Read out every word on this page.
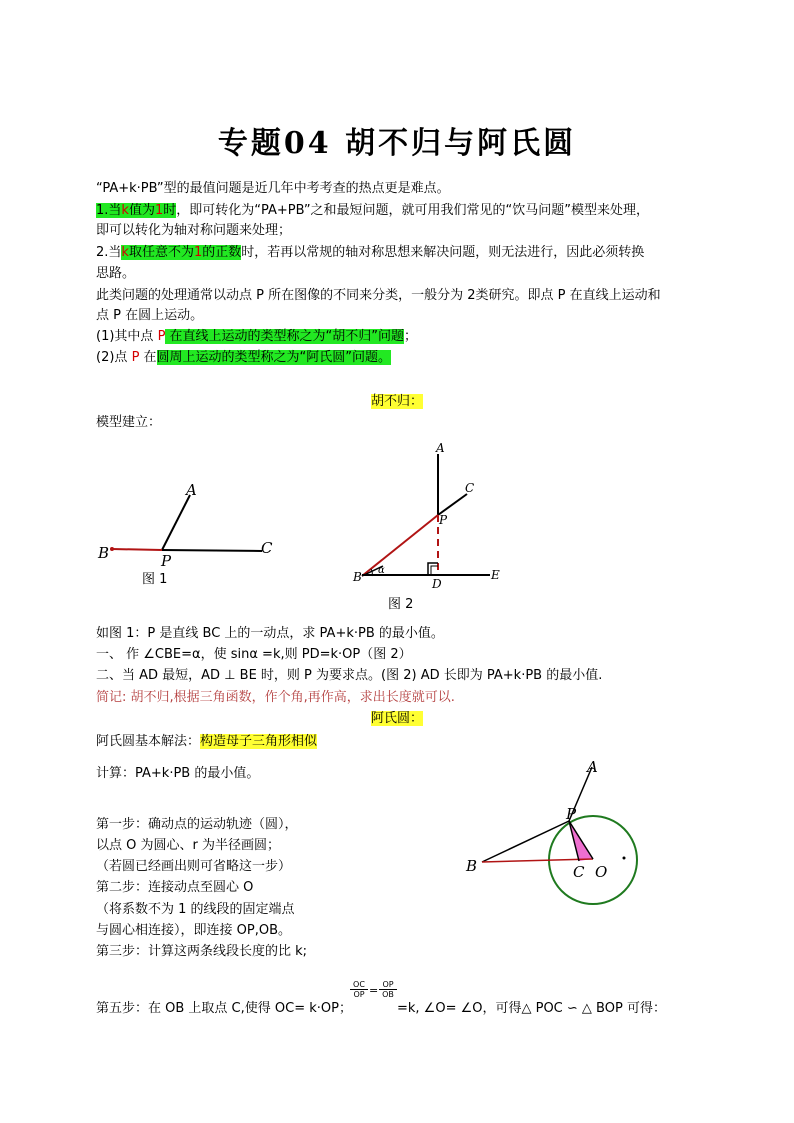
专题04 胡不归与阿氏圆
“PA+k·PB”型的最值问题是近几年中考考查的热点更是难点。
1.当k值为1时，即可转化为“PA+PB”之和最短问题，就可用我们常见的“饮马问题”模型来处理，
即可以转化为轴对称问题来处理；
2.当k取任意不为1的正数时，若再以常规的轴对称思想来解决问题，则无法进行，因此必须转换
思路。
此类问题的处理通常以动点 P 所在图像的不同来分类，一般分为 2类研究。即点 P 在直线上运动和
点 P 在圆上运动。
(1)其中点 P 在直线上运动的类型称之为“胡不归”问题；
(2)点 P 在圆周上运动的类型称之为“阿氏圆”问题。
胡不归：
模型建立：
A
B	P
C
图 1
A
C
P
B α
D
E
图 2
如图 1：P 是直线 BC 上的一动点，求 PA+k·PB 的最小值。
一、 作 ∠CBE=α，使 sinα =k,则 PD=k·OP（图 2）
二、当 AD 最短，AD ⊥ BE 时，则 P 为要求点。(图 2) AD 长即为 PA+k·PB 的最小值.
简记: 胡不归,根据三角函数，作个角,再作高，求出长度就可以.
阿氏圆：
阿氏圆基本解法：构造母子三角形相似
计算：PA+k·PB 的最小值。
第一步：确动点的运动轨迹（圆），
以点 O 为圆心、r 为半径画圆；
（若圆已经画出则可省略这一步）
第二步：连接动点至圆心 O
（将系数不为 1 的线段的固定端点
与圆心相连接），即连接 OP,OB。
第三步：计算这两条线段长度的比 k;
A
P
B	C O
第五步：在 OB 上取点 C,使得 OC= k·OP；
$\frac{OC}{OP} = \frac{OP}{OB}$
=k, ∠O= ∠O，可得△ POC ∽ △ BOP 可得：
